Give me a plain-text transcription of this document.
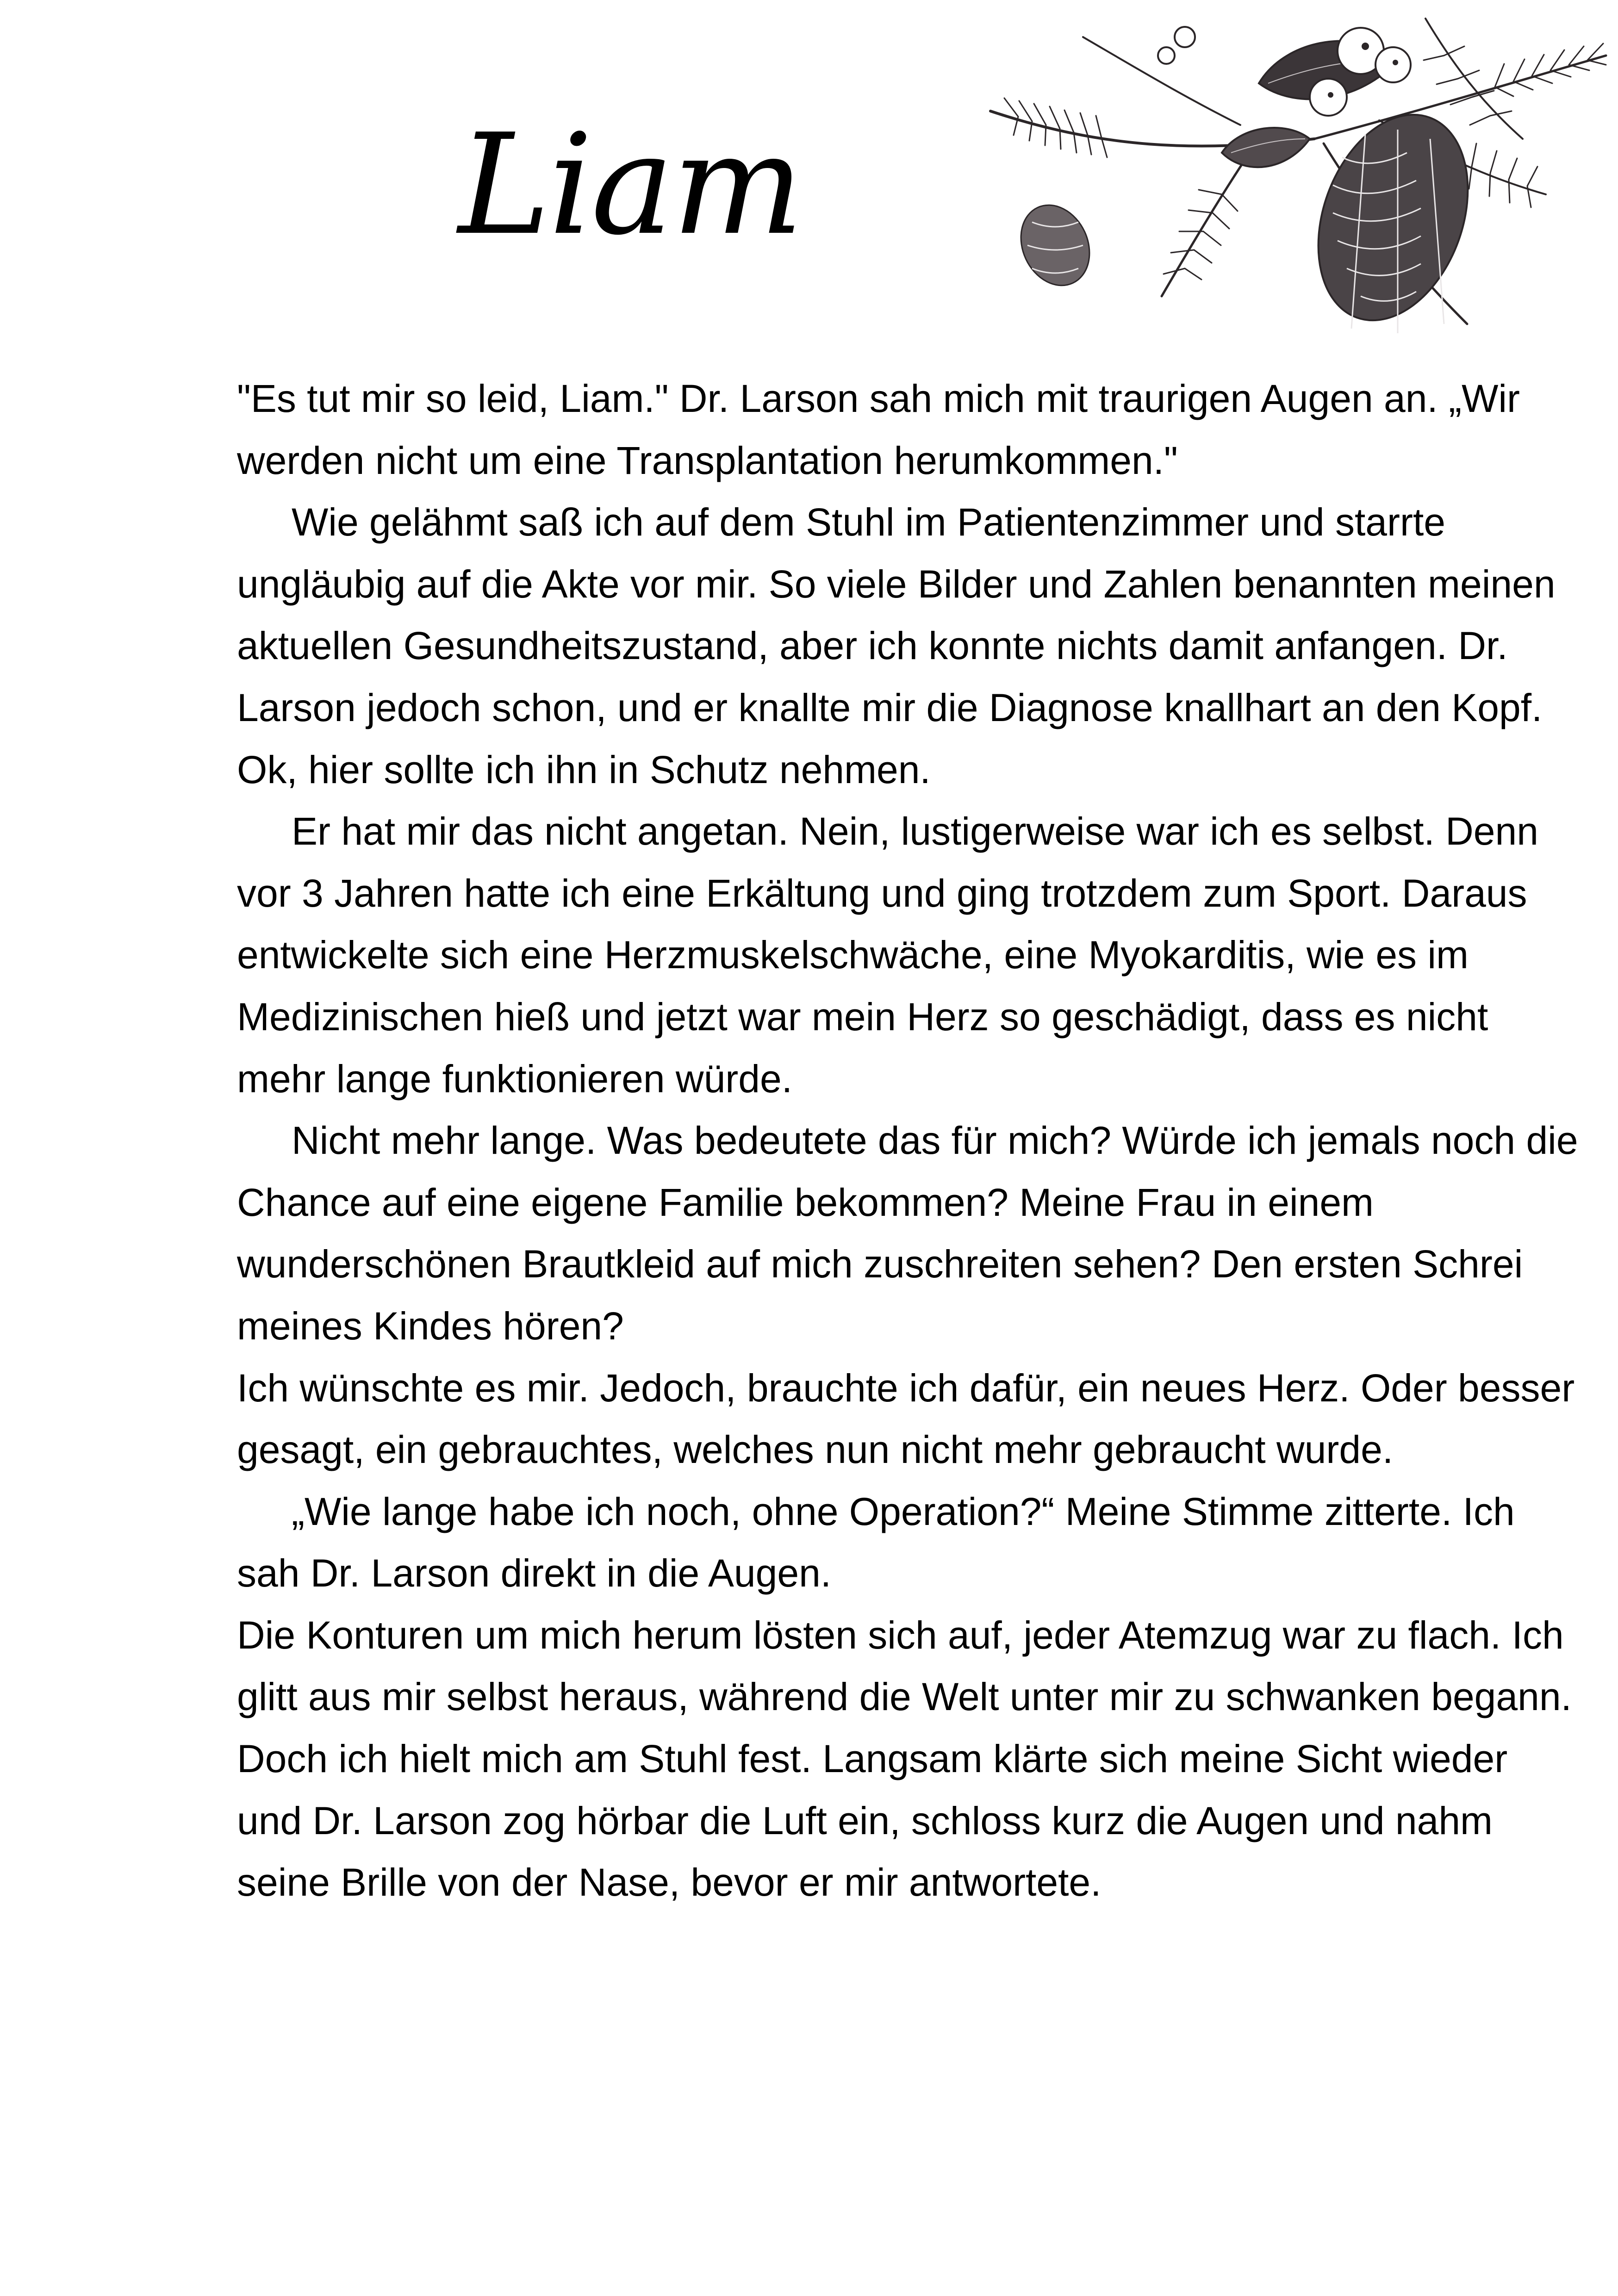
Liam

"Es tut mir so leid, Liam." Dr. Larson sah mich mit traurigen Augen an. „Wir werden nicht um eine Transplantation herumkommen."

Wie gelähmt saß ich auf dem Stuhl im Patientenzimmer und starrte ungläubig auf die Akte vor mir. So viele Bilder und Zahlen benannten meinen aktuellen Gesundheitszustand, aber ich konnte nichts damit anfangen. Dr. Larson jedoch schon, und er knallte mir die Diagnose knallhart an den Kopf.

Ok, hier sollte ich ihn in Schutz nehmen.

Er hat mir das nicht angetan. Nein, lustigerweise war ich es selbst. Denn vor 3 Jahren hatte ich eine Erkältung und ging trotzdem zum Sport. Daraus entwickelte sich eine Herzmuskelschwäche, eine Myokarditis, wie es im Medizinischen hieß und jetzt war mein Herz so geschädigt, dass es nicht mehr lange funktionieren würde.

Nicht mehr lange. Was bedeutete das für mich? Würde ich jemals noch die Chance auf eine eigene Familie bekommen? Meine Frau in einem wunderschönen Brautkleid auf mich zuschreiten sehen? Den ersten Schrei meines Kindes hören?

Ich wünschte es mir. Jedoch, brauchte ich dafür, ein neues Herz. Oder besser gesagt, ein gebrauchtes, welches nun nicht mehr gebraucht wurde.

„Wie lange habe ich noch, ohne Operation?“ Meine Stimme zitterte. Ich sah Dr. Larson direkt in die Augen.

Die Konturen um mich herum lösten sich auf, jeder Atemzug war zu flach. Ich glitt aus mir selbst heraus, während die Welt unter mir zu schwanken begann. Doch ich hielt mich am Stuhl fest. Langsam klärte sich meine Sicht wieder und Dr. Larson zog hörbar die Luft ein, schloss kurz die Augen und nahm seine Brille von der Nase, bevor er mir antwortete.
